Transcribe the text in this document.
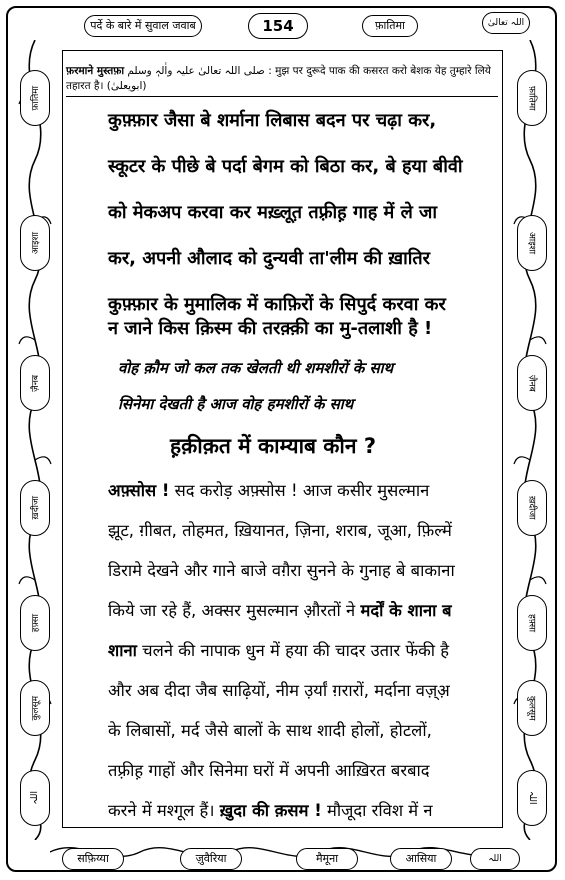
पर्दे के बारे में सुवाल जवाब	154	फ़ातिमा	اللہ تعالیٰ
फ़ातिमा
आइशा
ज़ैनब
ख़दीजा
हफ़्सा
कुलसूम
اللہ
फ़ातिमा
आइशा
ज़ैनब
ख़दीजा
हफ़्सा
कुलसूम
اللہ
सफ़िय्या	ज़ुवैरिया	मैमूना	आसिया	اللہ
फ़रमाने मुस्तफ़ा صلی اللہ تعالیٰ علیہ واٰلہٖ وسلم : मुझ पर दुरूदे पाक की कसरत करो बेशक येह तुम्हारे लिये तहारत है। (ابویعلیٰ)
कुफ़्फ़ार जैसा बे शर्माना लिबास बदन पर चढ़ा कर,
स्कूटर के पीछे बे पर्दा बेगम को बिठा कर, बे हया बीवी
को मेकअप करवा कर मख़्लूत़ तफ़्रीह़ गाह में ले जा
कर, अपनी औलाद को दुन्यवी ता'लीम की ख़ातिर
कुफ़्फ़ार के मुमालिक में काफ़िरों के सिपुर्द करवा कर
न जाने किस क़िस्म की तरक़्क़ी का मु-तलाशी है !
वोह क़ौम जो कल तक खेलती थी शमशीरों के साथ
सिनेमा देखती है आज वोह हमशीरों के साथ
ह़क़ीक़त में काम्याब कौन ?
अफ़्सोस ! सद करोड़ अफ़्सोस ! आज कसीर मुसल्मान
झूट, ग़ीबत, तोहमत, ख़ियानत, ज़िना, शराब, जूआ, फ़िल्में
डिरामे देखने और गाने बाजे वग़ैरा सुनने के गुनाह बे बाकाना
किये जा रहे हैं, अक्सर मुसल्मान औ़रतों ने मर्दों के शाना ब
शाना चलने की नापाक धुन में हया की चादर उतार फेंकी है
और अब दीदा जैब साढ़ियों, नीम उ़र्यां ग़रारों, मर्दाना वज़्अ़
के लिबासों, मर्द जैसे बालों के साथ शादी होलों, होटलों,
तफ़्रीह़ गाहों और सिनेमा घरों में अपनी आख़िरत बरबाद
करने में मश्गूल हैं। ख़ुदा की क़सम ! मौजूदा रविश में न
